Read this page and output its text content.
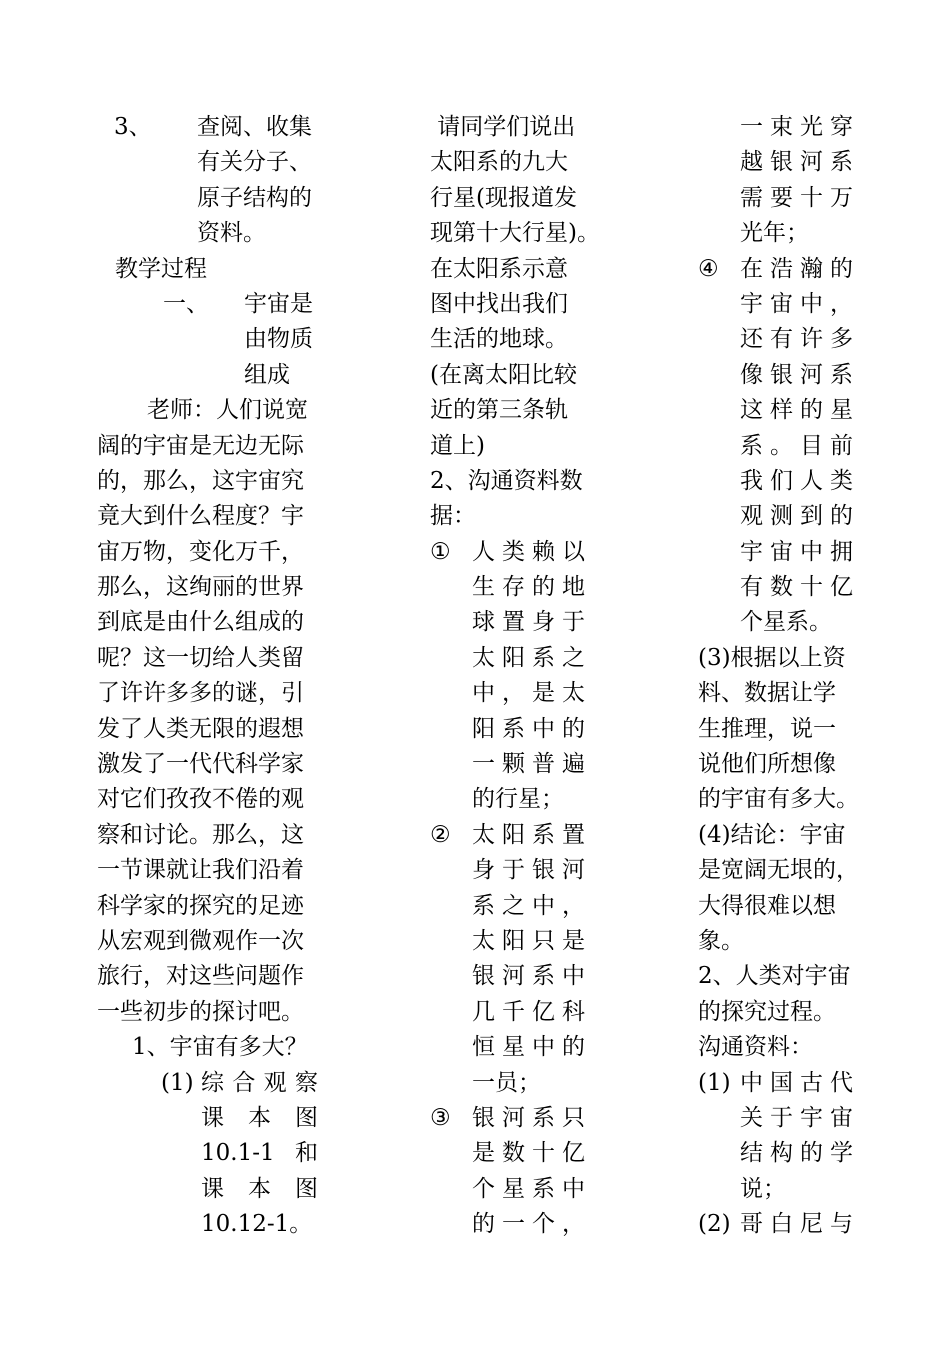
3、 查阅、收集
有关分子、
原子结构的
资料。
教学过程
一、 宇宙是
由物质
组成
老师：人们说宽
阔的宇宙是无边无际
的，那么，这宇宙究
竟大到什么程度？宇
宙万物，变化万千，
那么，这绚丽的世界
到底是由什么组成的
呢？这一切给人类留
了许许多多的谜，引
发了人类无限的遐想
激发了一代代科学家
对它们孜孜不倦的观
察和讨论。那么，这
一节课就让我们沿着
科学家的探究的足迹
从宏观到微观作一次
旅行，对这些问题作
一些初步的探讨吧。
1、宇宙有多大？
(1) 综合观察
课 本 图
10.1-1  和
课 本 图
10.12-1。
请同学们说出
太阳系的九大
行星(现报道发
现第十大行星)。
在太阳系示意
图中找出我们
生活的地球。
(在离太阳比较
近的第三条轨
道上)
2、沟通资料数
据：
① 人类赖以
生存的地
球置身于
太阳系之
中，是太
阳系中的
一颗普遍
的行星；
② 太阳系置
身于银河
系之中，
太阳只是
银河系中
几千亿科
恒星中的
一员；
③ 银河系只
是数十亿
个星系中
的一个，
一束光穿
越银河系
需要十万
光年；
④ 在浩瀚的
宇宙中，
还有许多
像银河系
这样的星
系。目前
我们人类
观测到的
宇宙中拥
有数十亿
个星系。
(3)根据以上资
料、数据让学
生推理，说一
说他们所想像
的宇宙有多大。
(4)结论：宇宙
是宽阔无垠的，
大得很难以想
象。
2、人类对宇宙
的探究过程。
沟通资料：
(1) 中国古代
关于宇宙
结构的学
说；
(2) 哥白尼与
